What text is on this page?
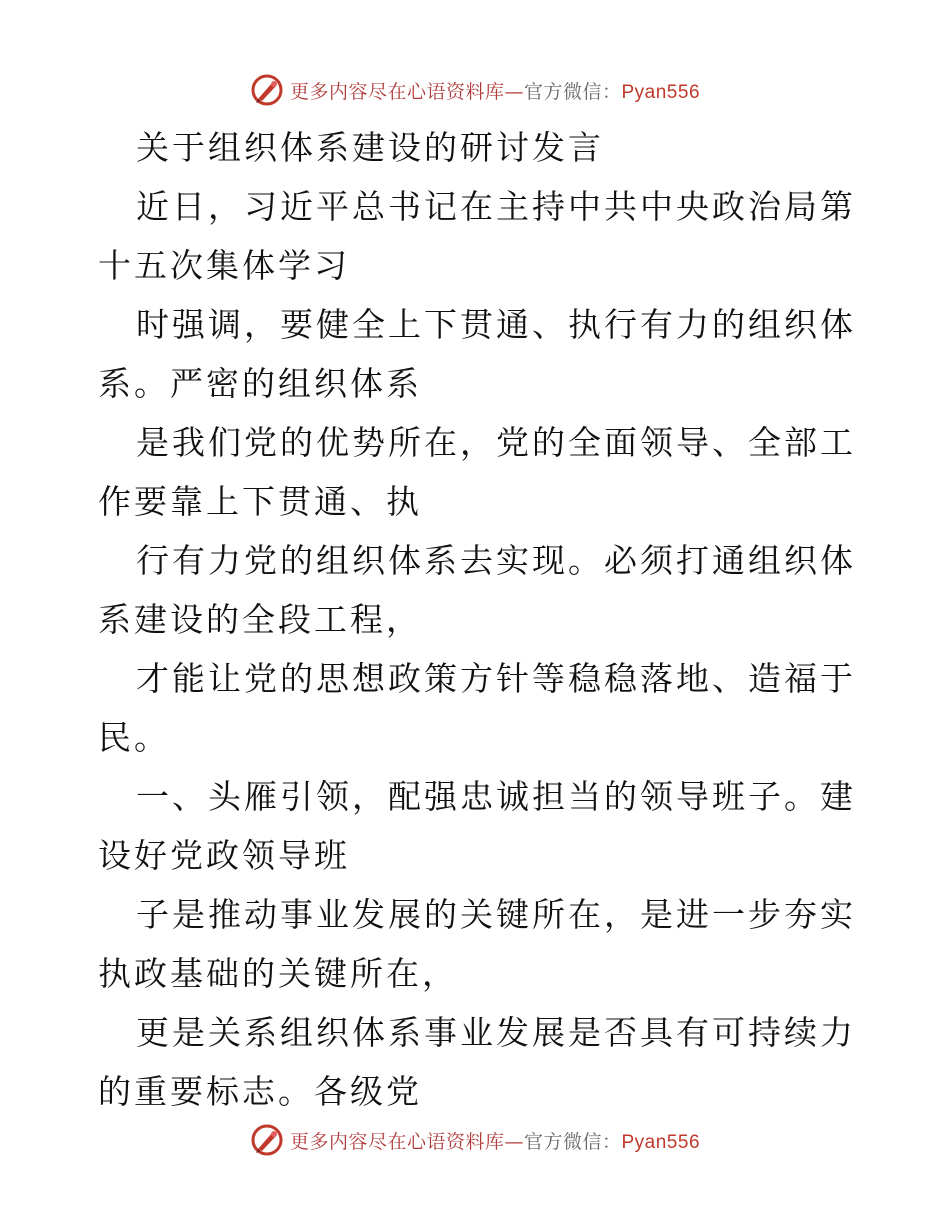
更多内容尽在心语资料库—官方微信：Pyan556

关于组织体系建设的研讨发言

近日，习近平总书记在主持中共中央政治局第十五次集体学习

时强调，要健全上下贯通、执行有力的组织体系。严密的组织体系

是我们党的优势所在，党的全面领导、全部工作要靠上下贯通、执

行有力党的组织体系去实现。必须打通组织体系建设的全段工程，

才能让党的思想政策方针等稳稳落地、造福于民。

一、头雁引领，配强忠诚担当的领导班子。建设好党政领导班

子是推动事业发展的关键所在，是进一步夯实执政基础的关键所在，

更是关系组织体系事业发展是否具有可持续力的重要标志。各级党

更多内容尽在心语资料库—官方微信：Pyan556
